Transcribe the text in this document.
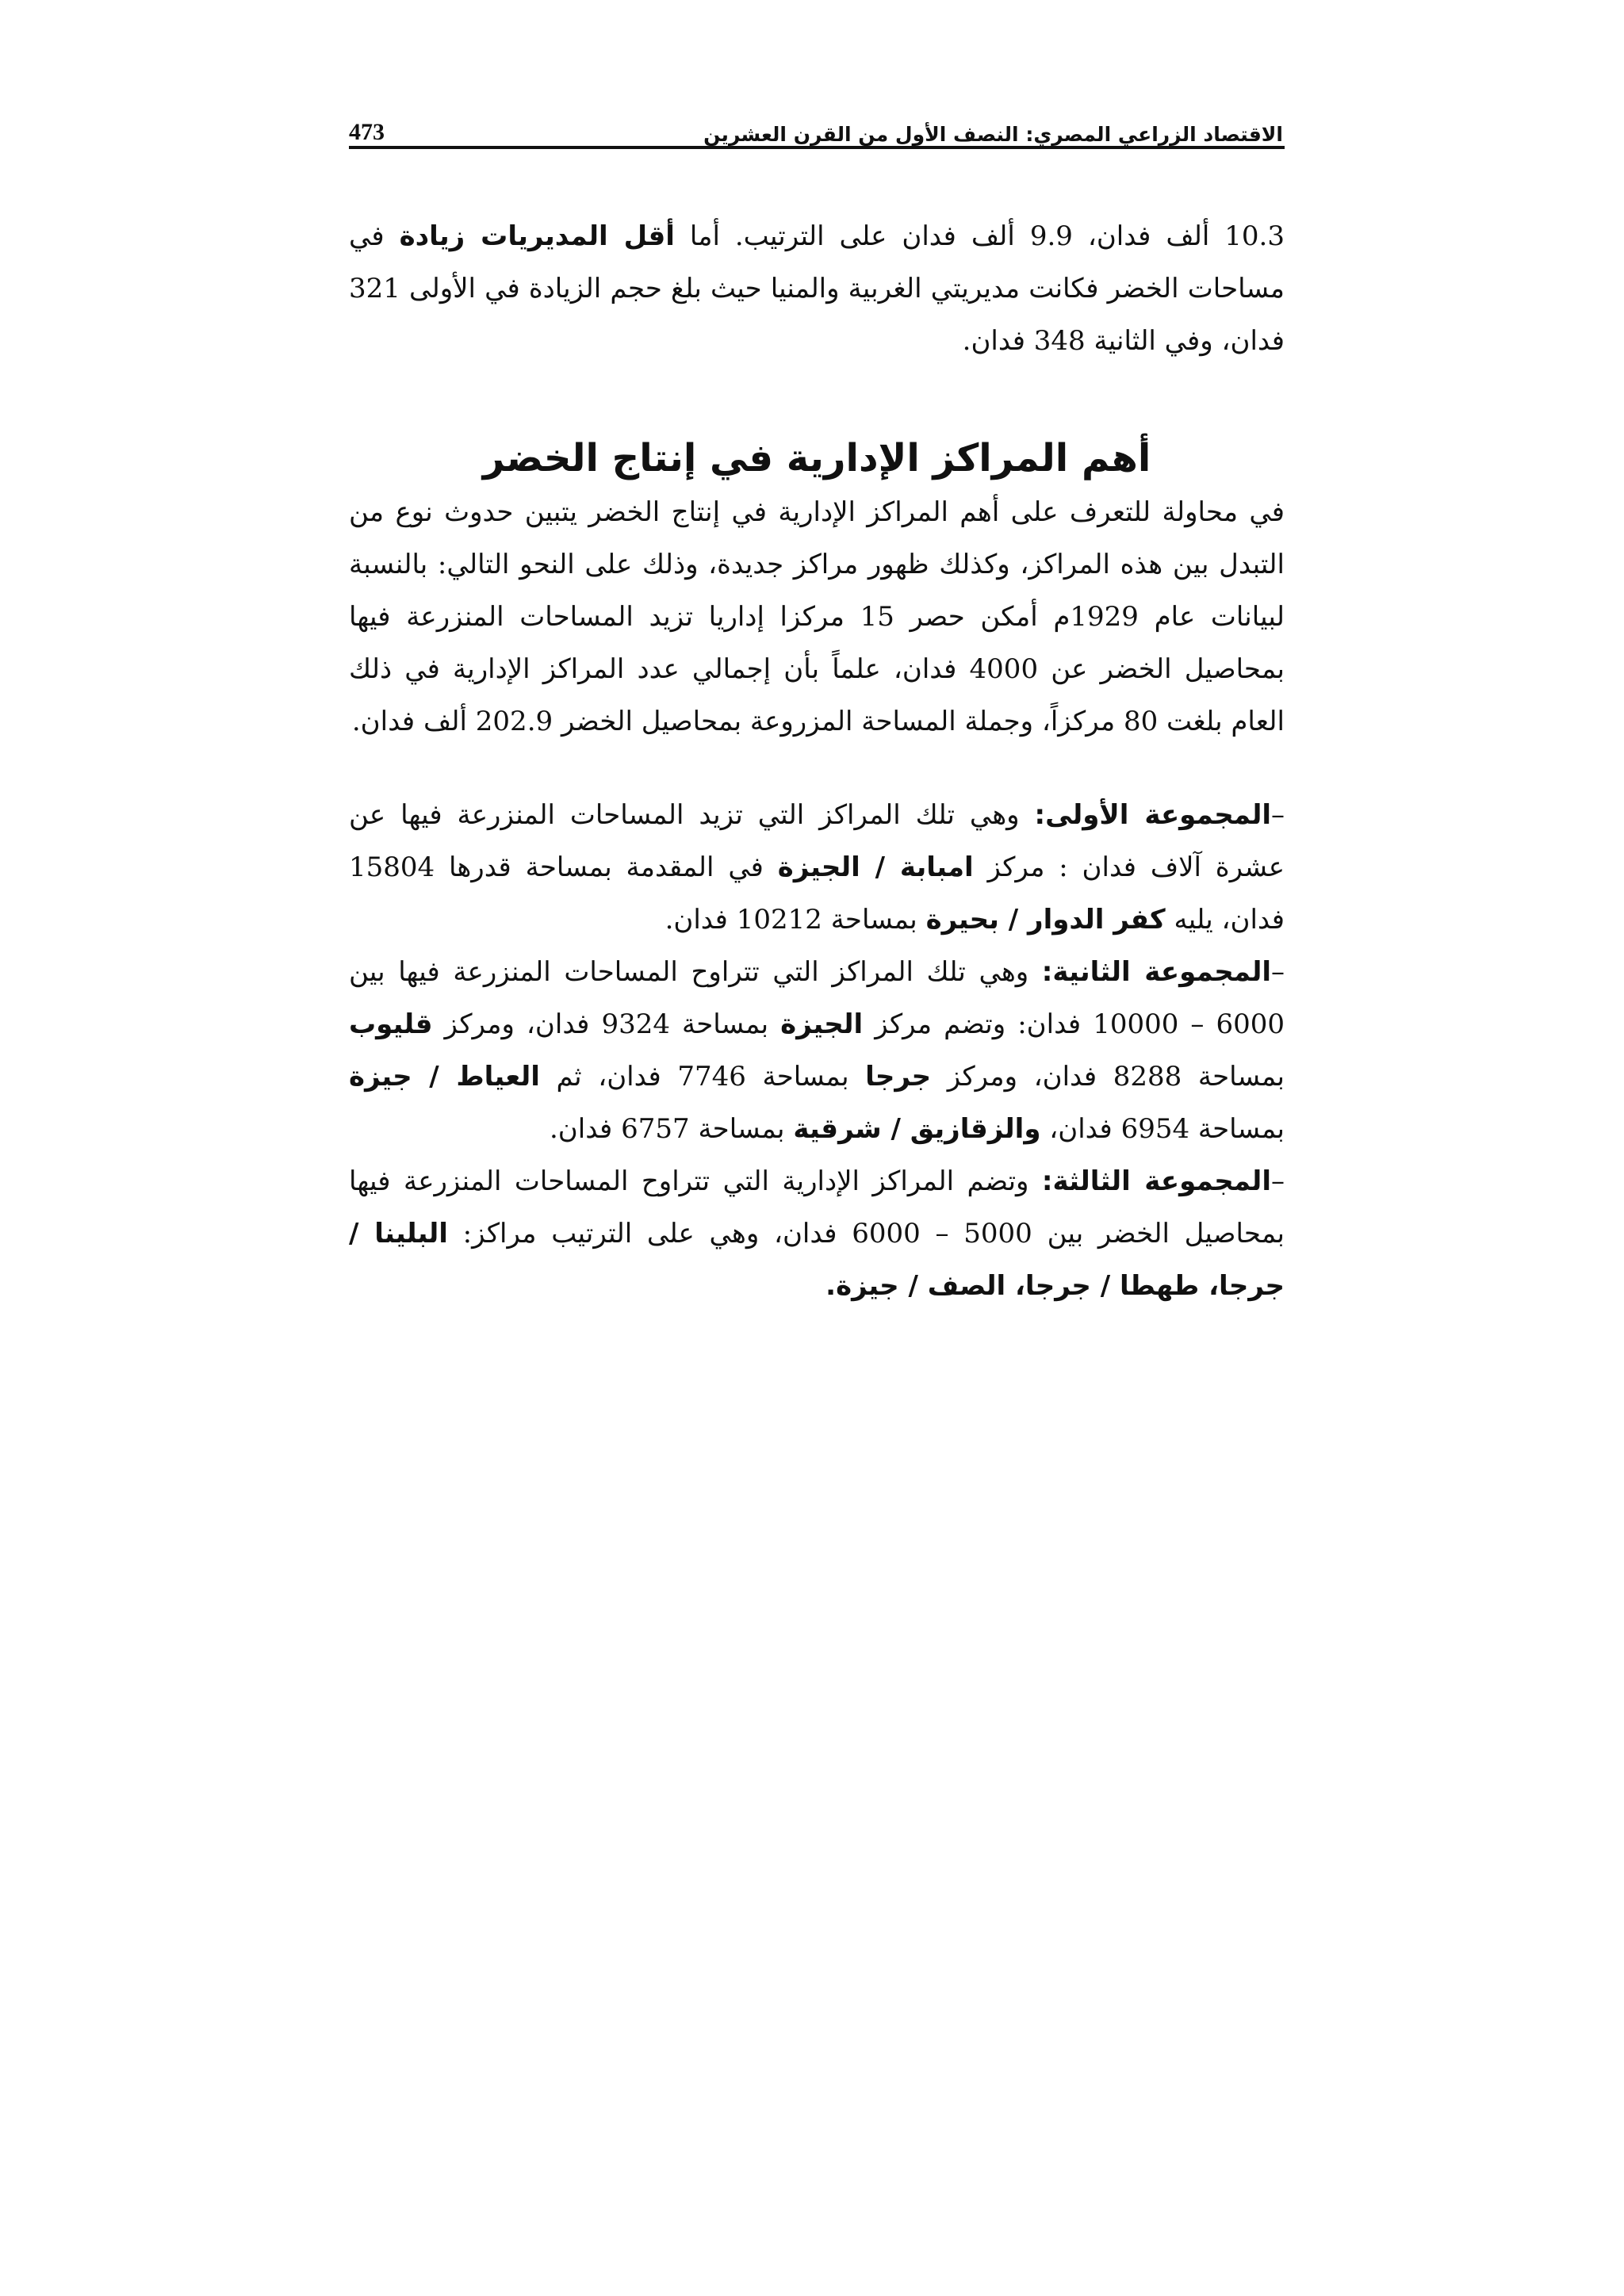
الاقتصاد الزراعي المصري: النصف الأول من القرن العشرين
473

10.3 ألف فدان، 9.9 ألف فدان على الترتيب. أما أقل المديريات زيادة في مساحات الخضر فكانت مديريتي الغربية والمنيا حيث بلغ حجم الزيادة في الأولى 321 فدان، وفي الثانية 348 فدان.

أهم المراكز الإدارية في إنتاج الخضر

في محاولة للتعرف على أهم المراكز الإدارية في إنتاج الخضر يتبين حدوث نوع من التبدل بين هذه المراكز، وكذلك ظهور مراكز جديدة، وذلك على النحو التالي: بالنسبة لبيانات عام 1929م أمكن حصر 15 مركزا إداريا تزيد المساحات المنزرعة فيها بمحاصيل الخضر عن 4000 فدان، علماً بأن إجمالي عدد المراكز الإدارية في ذلك العام بلغت 80 مركزاً، وجملة المساحة المزروعة بمحاصيل الخضر 202.9 ألف فدان.

–المجموعة الأولى: وهي تلك المراكز التي تزيد المساحات المنزرعة فيها عن عشرة آلاف فدان : مركز امبابة / الجيزة في المقدمة بمساحة قدرها 15804 فدان، يليه كفر الدوار / بحيرة بمساحة 10212 فدان.

–المجموعة الثانية: وهي تلك المراكز التي تتراوح المساحات المنزرعة فيها بين 6000 – 10000 فدان: وتضم مركز الجيزة بمساحة 9324 فدان، ومركز قليوب بمساحة 8288 فدان، ومركز جرجا بمساحة 7746 فدان، ثم العياط / جيزة بمساحة 6954 فدان، والزقازيق / شرقية بمساحة 6757 فدان.

–المجموعة الثالثة: وتضم المراكز الإدارية التي تتراوح المساحات المنزرعة فيها بمحاصيل الخضر بين 5000 – 6000 فدان، وهي على الترتيب مراكز: البلينا / جرجا، طهطا / جرجا، الصف / جيزة.
